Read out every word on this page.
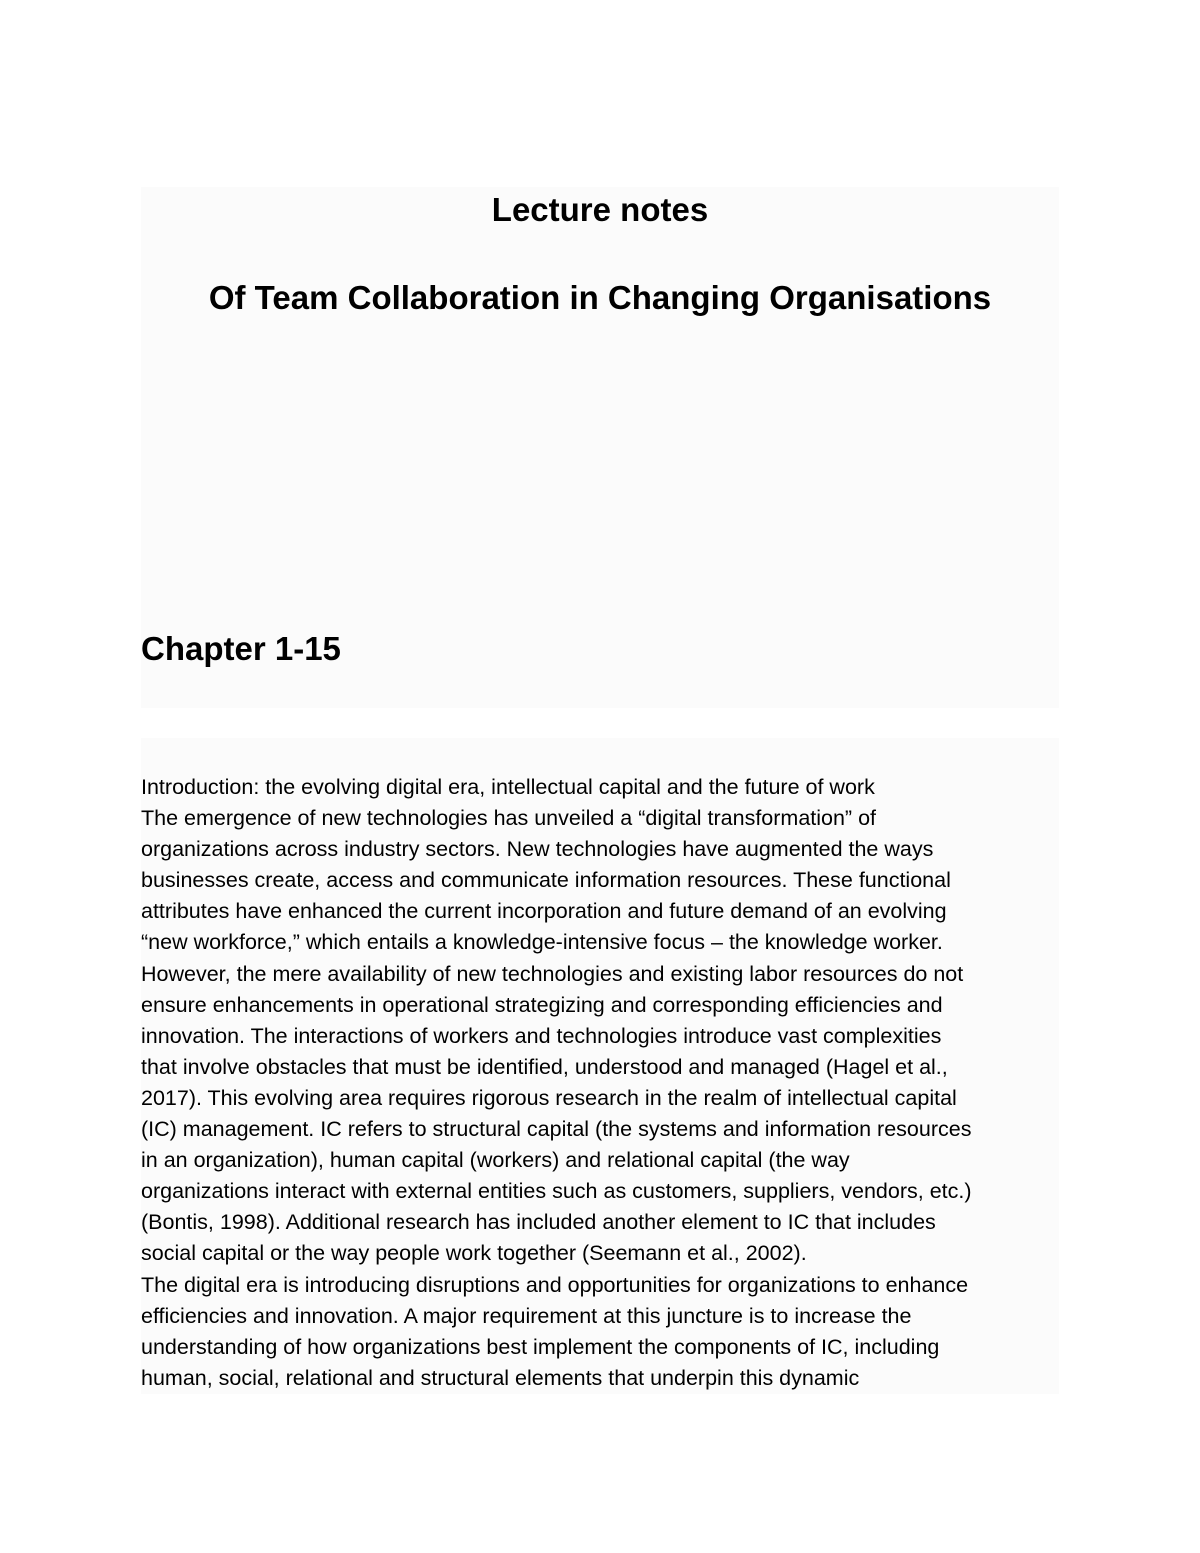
Lecture notes
Of Team Collaboration in Changing Organisations
Chapter 1-15

Introduction: the evolving digital era, intellectual capital and the future of work
The emergence of new technologies has unveiled a “digital transformation” of
organizations across industry sectors. New technologies have augmented the ways
businesses create, access and communicate information resources. These functional
attributes have enhanced the current incorporation and future demand of an evolving
“new workforce,” which entails a knowledge-intensive focus – the knowledge worker.
However, the mere availability of new technologies and existing labor resources do not
ensure enhancements in operational strategizing and corresponding efficiencies and
innovation. The interactions of workers and technologies introduce vast complexities
that involve obstacles that must be identified, understood and managed (Hagel et al.,
2017). This evolving area requires rigorous research in the realm of intellectual capital
(IC) management. IC refers to structural capital (the systems and information resources
in an organization), human capital (workers) and relational capital (the way
organizations interact with external entities such as customers, suppliers, vendors, etc.)
(Bontis, 1998). Additional research has included another element to IC that includes
social capital or the way people work together (Seemann et al., 2002).
The digital era is introducing disruptions and opportunities for organizations to enhance
efficiencies and innovation. A major requirement at this juncture is to increase the
understanding of how organizations best implement the components of IC, including
human, social, relational and structural elements that underpin this dynamic
